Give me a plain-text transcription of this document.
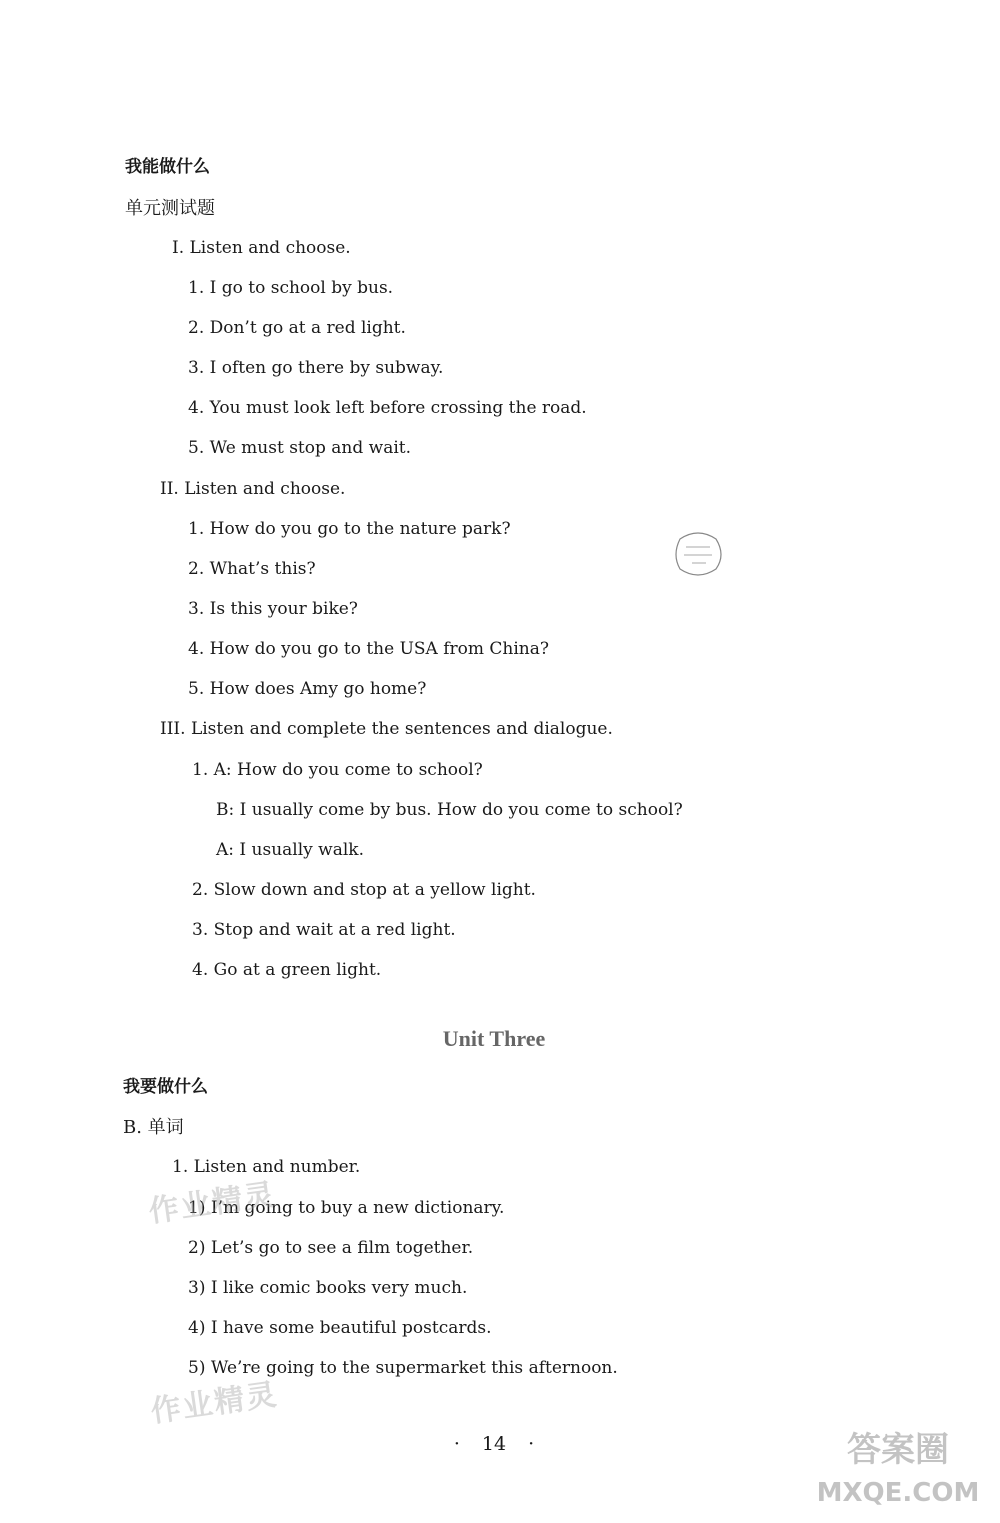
我能做什么
单元测试题
I. Listen and choose.
1. I go to school by bus.
2. Don’t go at a red light.
3. I often go there by subway.
4. You must look left before crossing the road.
5. We must stop and wait.
II. Listen and choose.
1. How do you go to the nature park?
2. What’s this?
3. Is this your bike?
4. How do you go to the USA from China?
5. How does Amy go home?
III. Listen and complete the sentences and dialogue.
1. A: How do you come to school?
B: I usually come by bus. How do you come to school?
A: I usually walk.
2. Slow down and stop at a yellow light.
3. Stop and wait at a red light.
4. Go at a green light.
Unit Three
我要做什么
B. 单词
1. Listen and number.
1) I’m going to buy a new dictionary.
2) Let’s go to see a film together.
3) I like comic books very much.
4) I have some beautiful postcards.
5) We’re going to the supermarket this afternoon.
作业精灵
作业精灵
· 14 ·	答案圈
MXQE.COM
